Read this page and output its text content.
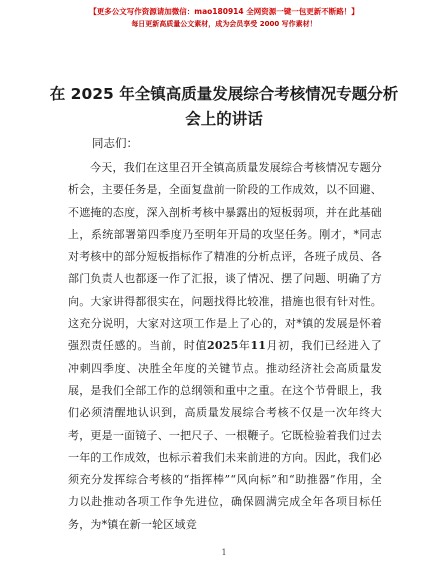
【更多公文写作资源请加微信：mao180914 全网资源一键一包更新不断路！】
每日更新高质量公文素材，成为会员享受 2000 写作素材！
在 2025 年全镇高质量发展综合考核情况专题分析会上的讲话

同志们：

今天，我们在这里召开全镇高质量发展综合考核情况专题分析会，主要任务是，全面复盘前一阶段的工作成效，以不回避、不遮掩的态度，深入剖析考核中暴露出的短板弱项，并在此基础上，系统部署第四季度乃至明年开局的攻坚任务。刚才，*同志对考核中的部分短板指标作了精准的分析点评，各班子成员、各部门负责人也都逐一作了汇报，谈了情况、摆了问题、明确了方向。大家讲得都很实在，问题找得比较准，措施也很有针对性。这充分说明，大家对这项工作是上了心的，对*镇的发展是怀着强烈责任感的。当前，时值2025年11月初，我们已经进入了冲刺四季度、决胜全年度的关键节点。推动经济社会高质量发展，是我们全部工作的总纲领和重中之重。在这个节骨眼上，我们必须清醒地认识到，高质量发展综合考核不仅是一次年终大考，更是一面镜子、一把尺子、一根鞭子。它既检验着我们过去一年的工作成效，也标示着我们未来前进的方向。因此，我们必须充分发挥综合考核的“指挥棒”“风向标”和“助推器”作用，全力以赴推动各项工作争先进位，确保圆满完成全年各项目标任务，为*镇在新一轮区域竞

1
